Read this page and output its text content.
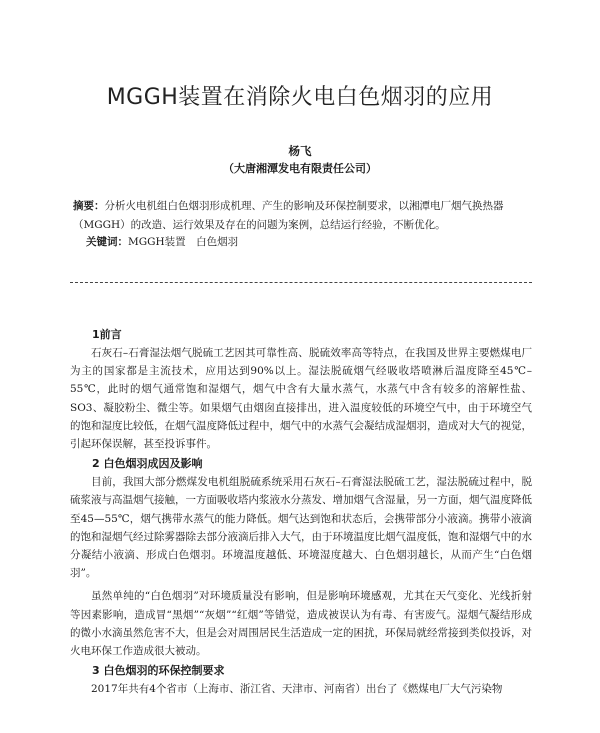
MGGH装置在消除火电白色烟羽的应用
杨飞
（大唐湘潭发电有限责任公司）

摘要：分析火电机组白色烟羽形成机理、产生的影响及环保控制要求，以湘潭电厂烟气换热器（MGGH）的改造、运行效果及存在的问题为案例，总结运行经验，不断优化。

关键词：MGGH装置　白色烟羽

1前言

石灰石–石膏湿法烟气脱硫工艺因其可靠性高、脱硫效率高等特点，在我国及世界主要燃煤电厂为主的国家都是主流技术，应用达到90%以上。湿法脱硫烟气经吸收塔喷淋后温度降至45℃–55℃，此时的烟气通常饱和湿烟气，烟气中含有大量水蒸气，水蒸气中含有较多的溶解性盐、SO3、凝胶粉尘、微尘等。如果烟气由烟囱直接排出，进入温度较低的环境空气中，由于环境空气的饱和湿度比较低，在烟气温度降低过程中，烟气中的水蒸气会凝结成湿烟羽，造成对大气的视觉，引起环保误解，甚至投诉事件。

2 白色烟羽成因及影响

目前，我国大部分燃煤发电机组脱硫系统采用石灰石–石膏湿法脱硫工艺，湿法脱硫过程中，脱硫浆液与高温烟气接触，一方面吸收塔内浆液水分蒸发、增加烟气含湿量，另一方面，烟气温度降低至45—55℃，烟气携带水蒸气的能力降低。烟气达到饱和状态后，会携带部分小液滴。携带小液滴的饱和湿烟气经过除雾器除去部分液滴后排入大气，由于环境温度比烟气温度低，饱和湿烟气中的水分凝结小液滴、形成白色烟羽。环境温度越低、环境湿度越大、白色烟羽越长，从而产生“白色烟羽”。

虽然单纯的“白色烟羽”对环境质量没有影响，但是影响环境感观，尤其在天气变化、光线折射等因素影响，造成冒“黑烟”“灰烟”“红烟”等错觉，造成被误认为有毒、有害废气。湿烟气凝结形成的微小水滴虽然危害不大，但是会对周围居民生活造成一定的困扰，环保局就经常接到类似投诉，对火电环保工作造成很大被动。

3 白色烟羽的环保控制要求

2017年共有4个省市（上海市、浙江省、天津市、河南省）出台了《燃煤电厂大气污染物
